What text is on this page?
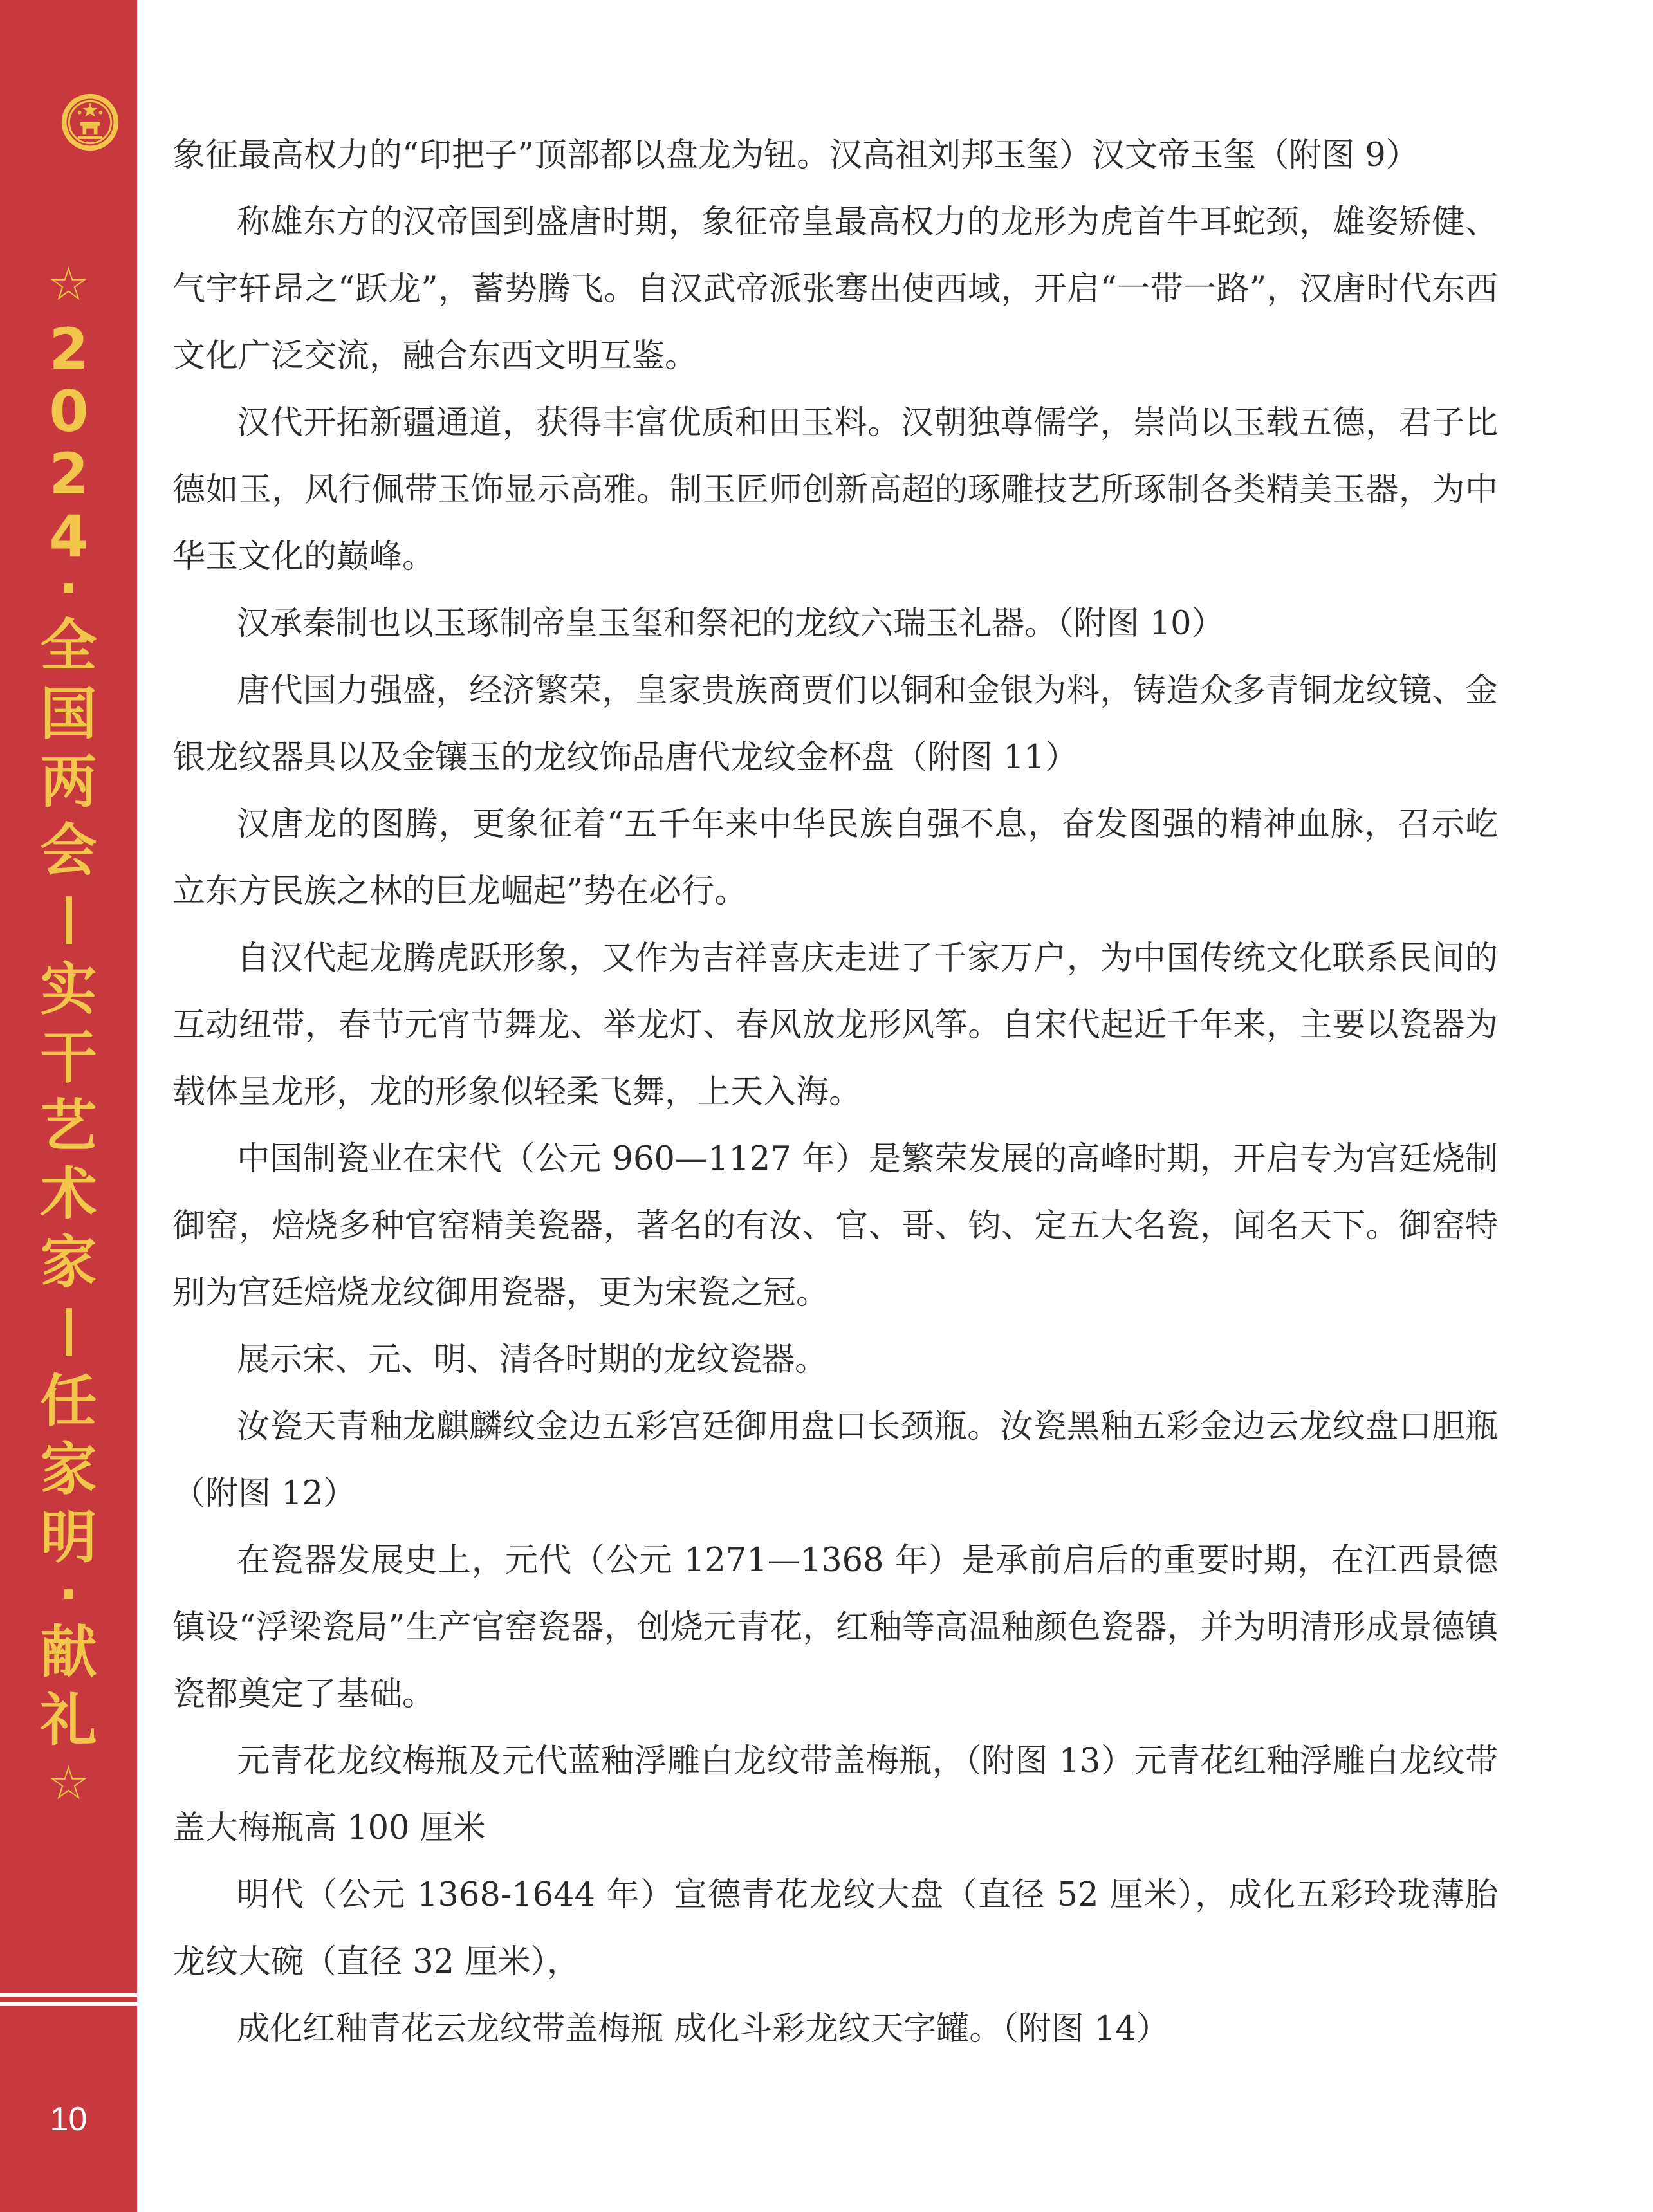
☆
2024
·
全
国
两
会
实
干
艺
术
家
任
家
明
·
献
礼
☆
10

象征最高权力的“印把子”顶部都以盘龙为钮。汉高祖刘邦玉玺）汉文帝玉玺（附图 9）

称雄东方的汉帝国到盛唐时期，象征帝皇最高权力的龙形为虎首牛耳蛇颈，雄姿矫健、气宇轩昂之“跃龙”，蓄势腾飞。自汉武帝派张骞出使西域，开启“一带一路”，汉唐时代东西文化广泛交流，融合东西文明互鉴。

汉代开拓新疆通道，获得丰富优质和田玉料。汉朝独尊儒学，崇尚以玉载五德，君子比德如玉，风行佩带玉饰显示高雅。制玉匠师创新高超的琢雕技艺所琢制各类精美玉器，为中华玉文化的巅峰。

汉承秦制也以玉琢制帝皇玉玺和祭祀的龙纹六瑞玉礼器。（附图 10）

唐代国力强盛，经济繁荣，皇家贵族商贾们以铜和金银为料，铸造众多青铜龙纹镜、金银龙纹器具以及金镶玉的龙纹饰品唐代龙纹金杯盘（附图 11）

汉唐龙的图腾，更象征着“五千年来中华民族自强不息，奋发图强的精神血脉，召示屹立东方民族之林的巨龙崛起”势在必行。

自汉代起龙腾虎跃形象，又作为吉祥喜庆走进了千家万户，为中国传统文化联系民间的互动纽带，春节元宵节舞龙、举龙灯、春风放龙形风筝。自宋代起近千年来，主要以瓷器为载体呈龙形，龙的形象似轻柔飞舞，上天入海。

中国制瓷业在宋代（公元 960—1127 年）是繁荣发展的高峰时期，开启专为宫廷烧制御窑，焙烧多种官窑精美瓷器，著名的有汝、官、哥、钧、定五大名瓷，闻名天下。御窑特别为宫廷焙烧龙纹御用瓷器，更为宋瓷之冠。

展示宋、元、明、清各时期的龙纹瓷器。

汝瓷天青釉龙麒麟纹金边五彩宫廷御用盘口长颈瓶。汝瓷黑釉五彩金边云龙纹盘口胆瓶（附图 12）

在瓷器发展史上，元代（公元 1271—1368 年）是承前启后的重要时期，在江西景德镇设“浮梁瓷局”生产官窑瓷器，创烧元青花，红釉等高温釉颜色瓷器，并为明清形成景德镇瓷都奠定了基础。

元青花龙纹梅瓶及元代蓝釉浮雕白龙纹带盖梅瓶，（附图 13）元青花红釉浮雕白龙纹带盖大梅瓶高 100 厘米

明代（公元 1368-1644 年）宣德青花龙纹大盘（直径 52 厘米），成化五彩玲珑薄胎龙纹大碗（直径 32 厘米），

成化红釉青花云龙纹带盖梅瓶 成化斗彩龙纹天字罐。（附图 14）
